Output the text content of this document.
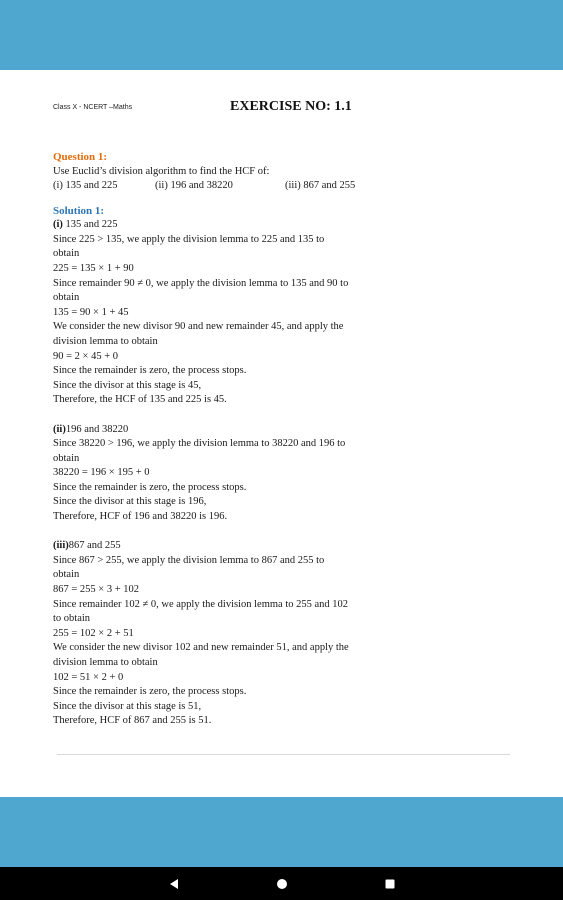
Class X - NCERT –Maths	EXERCISE NO: 1.1
Question 1:
Use Euclid’s division algorithm to find the HCF of:
(i) 135 and 225	(ii) 196 and 38220	(iii) 867 and 255
Solution 1:
(i) 135 and 225
Since 225 > 135, we apply the division lemma to 225 and 135 to
obtain
225 = 135 × 1 + 90
Since remainder 90 ≠ 0, we apply the division lemma to 135 and 90 to
obtain
135 = 90 × 1 + 45
We consider the new divisor 90 and new remainder 45, and apply the
division lemma to obtain
90 = 2 × 45 + 0
Since the remainder is zero, the process stops.
Since the divisor at this stage is 45,
Therefore, the HCF of 135 and 225 is 45.
(ii)196 and 38220
Since 38220 > 196, we apply the division lemma to 38220 and 196 to
obtain
38220 = 196 × 195 + 0
Since the remainder is zero, the process stops.
Since the divisor at this stage is 196,
Therefore, HCF of 196 and 38220 is 196.
(iii)867 and 255
Since 867 > 255, we apply the division lemma to 867 and 255 to
obtain
867 = 255 × 3 + 102
Since remainder 102 ≠ 0, we apply the division lemma to 255 and 102
to obtain
255 = 102 × 2 + 51
We consider the new divisor 102 and new remainder 51, and apply the
division lemma to obtain
102 = 51 × 2 + 0
Since the remainder is zero, the process stops.
Since the divisor at this stage is 51,
Therefore, HCF of 867 and 255 is 51.
